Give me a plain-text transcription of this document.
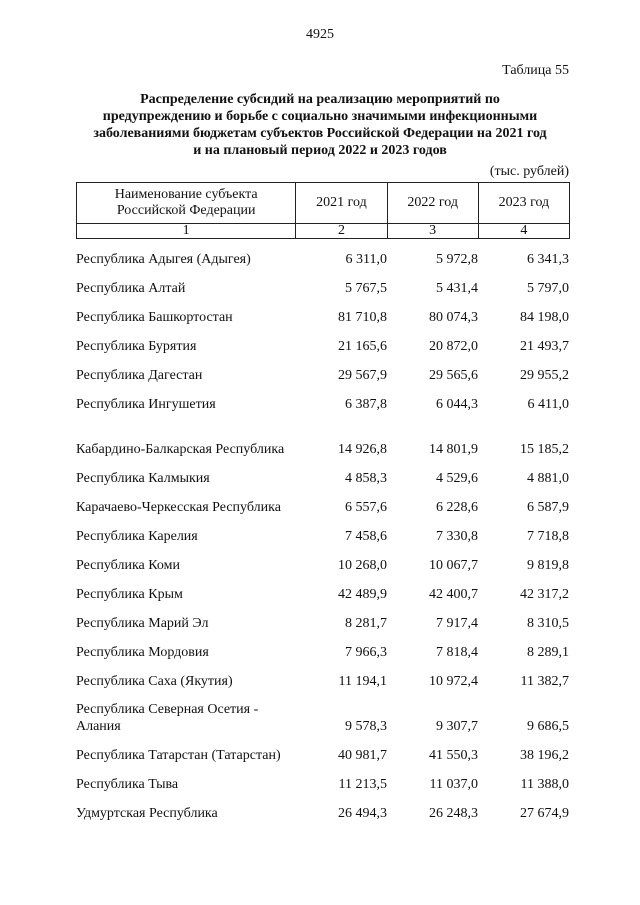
4925
Таблица 55
Распределение субсидий на реализацию мероприятий по
предупреждению и борьбе с социально значимыми инфекционными
заболеваниями бюджетам субъектов Российской Федерации на 2021 год
и на плановый период 2022 и 2023 годов
(тыс. рублей)
Наименование субъекта
Российской Федерации	2021 год	2022 год	2023 год
1	2	3	4
Республика Адыгея (Адыгея)	6 311,0	5 972,8	6 341,3
Республика Алтай	5 767,5	5 431,4	5 797,0
Республика Башкортостан	81 710,8	80 074,3	84 198,0
Республика Бурятия	21 165,6	20 872,0	21 493,7
Республика Дагестан	29 567,9	29 565,6	29 955,2
Республика Ингушетия	6 387,8	6 044,3	6 411,0
Кабардино-Балкарская Республика	14 926,8	14 801,9	15 185,2
Республика Калмыкия	4 858,3	4 529,6	4 881,0
Карачаево-Черкесская Республика	6 557,6	6 228,6	6 587,9
Республика Карелия	7 458,6	7 330,8	7 718,8
Республика Коми	10 268,0	10 067,7	9 819,8
Республика Крым	42 489,9	42 400,7	42 317,2
Республика Марий Эл	8 281,7	7 917,4	8 310,5
Республика Мордовия	7 966,3	7 818,4	8 289,1
Республика Саха (Якутия)	11 194,1	10 972,4	11 382,7
Республика Северная Осетия - Алания	9 578,3	9 307,7	9 686,5
Республика Татарстан (Татарстан)	40 981,7	41 550,3	38 196,2
Республика Тыва	11 213,5	11 037,0	11 388,0
Удмуртская Республика	26 494,3	26 248,3	27 674,9
